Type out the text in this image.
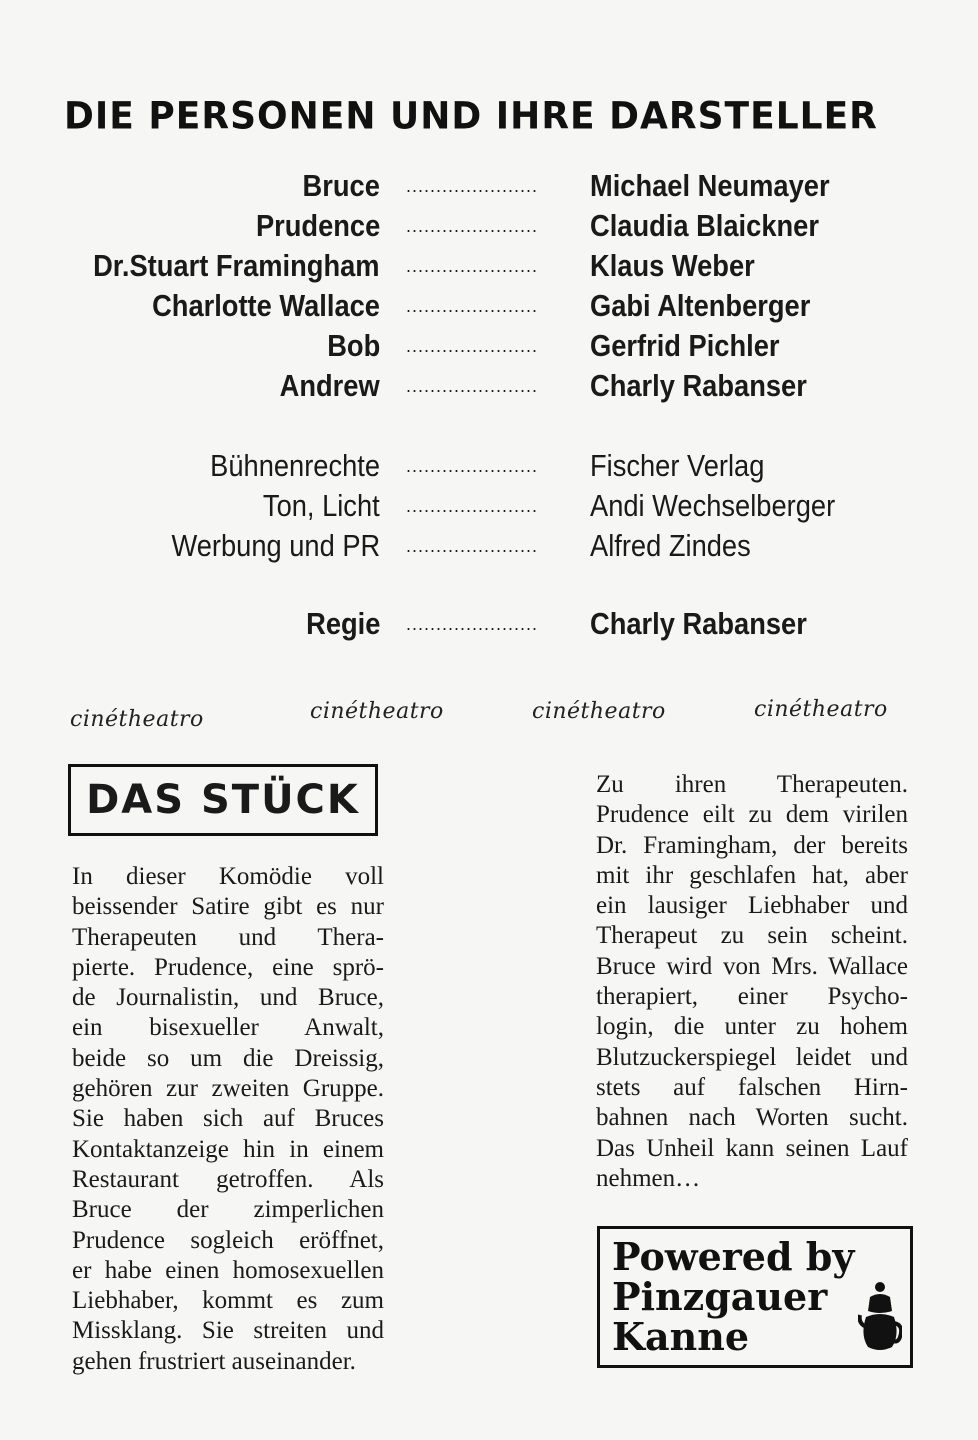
DIE PERSONEN UND IHRE DARSTELLER
Bruce ......................	Michael Neumayer
Prudence ......................	Claudia Blaickner
Dr.Stuart Framingham ......................	Klaus Weber
Charlotte Wallace ......................	Gabi Altenberger
Bob ......................	Gerfrid Pichler
Andrew ......................	Charly Rabanser
Bühnenrechte ......................	Fischer Verlag
Ton, Licht ......................	Andi Wechselberger
Werbung und PR ......................	Alfred Zindes
Regie ......................	Charly Rabanser
cinétheatro	cinétheatro	cinétheatro	cinétheatro
DAS STÜCK
In dieser Komödie voll
beissender Satire gibt es nur
Therapeuten und Thera-
pierte. Prudence, eine sprö-
de Journalistin, und Bruce,
ein bisexueller Anwalt,
beide so um die Dreissig,
gehören zur zweiten Gruppe.
Sie haben sich auf Bruces
Kontaktanzeige hin in einem
Restaurant getroffen. Als
Bruce der zimperlichen
Prudence sogleich eröffnet,
er habe einen homosexuellen
Liebhaber, kommt es zum
Missklang. Sie streiten und
gehen frustriert auseinander.
Zu ihren Therapeuten.
Prudence eilt zu dem virilen
Dr. Framingham, der bereits
mit ihr geschlafen hat, aber
ein lausiger Liebhaber und
Therapeut zu sein scheint.
Bruce wird von Mrs. Wallace
therapiert, einer Psycho-
login, die unter zu hohem
Blutzuckerspiegel leidet und
stets auf falschen Hirn-
bahnen nach Worten sucht.
Das Unheil kann seinen Lauf
nehmen…
Powered by
Pinzgauer
Kanne
